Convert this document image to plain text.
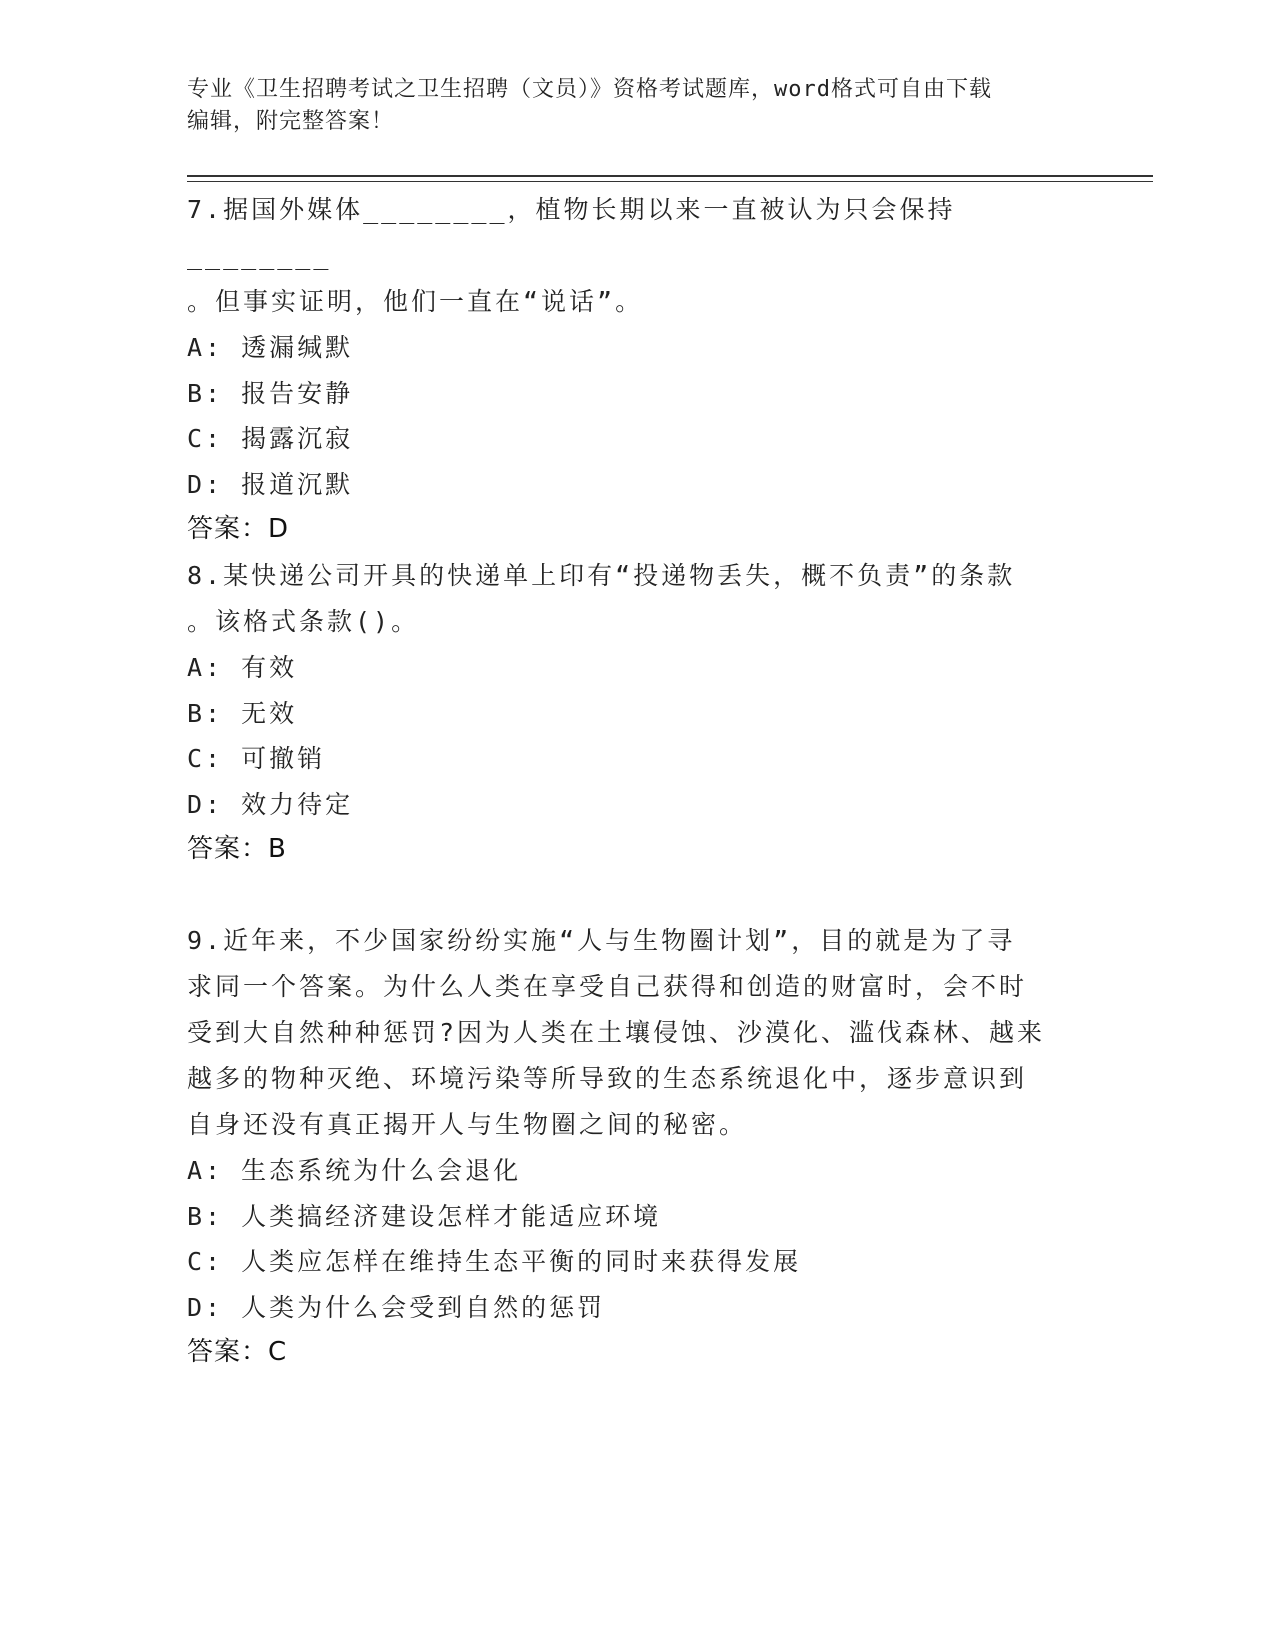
专业《卫生招聘考试之卫生招聘（文员）》资格考试题库，word格式可自由下载
编辑，附完整答案！

7.据国外媒体________，植物长期以来一直被认为只会保持________

。但事实证明，他们一直在“说话”。

A: 透漏缄默

B: 报告安静

C: 揭露沉寂

D: 报道沉默

答案：D

8.某快递公司开具的快递单上印有“投递物丢失，概不负责”的条款

。该格式条款()。

A: 有效

B: 无效

C: 可撤销

D: 效力待定

答案：B

9.近年来，不少国家纷纷实施“人与生物圈计划”，目的就是为了寻

求同一个答案。为什么人类在享受自己获得和创造的财富时，会不时

受到大自然种种惩罚?因为人类在土壤侵蚀、沙漠化、滥伐森林、越来

越多的物种灭绝、环境污染等所导致的生态系统退化中，逐步意识到

自身还没有真正揭开人与生物圈之间的秘密。

A: 生态系统为什么会退化

B: 人类搞经济建设怎样才能适应环境

C: 人类应怎样在维持生态平衡的同时来获得发展

D: 人类为什么会受到自然的惩罚

答案：C
